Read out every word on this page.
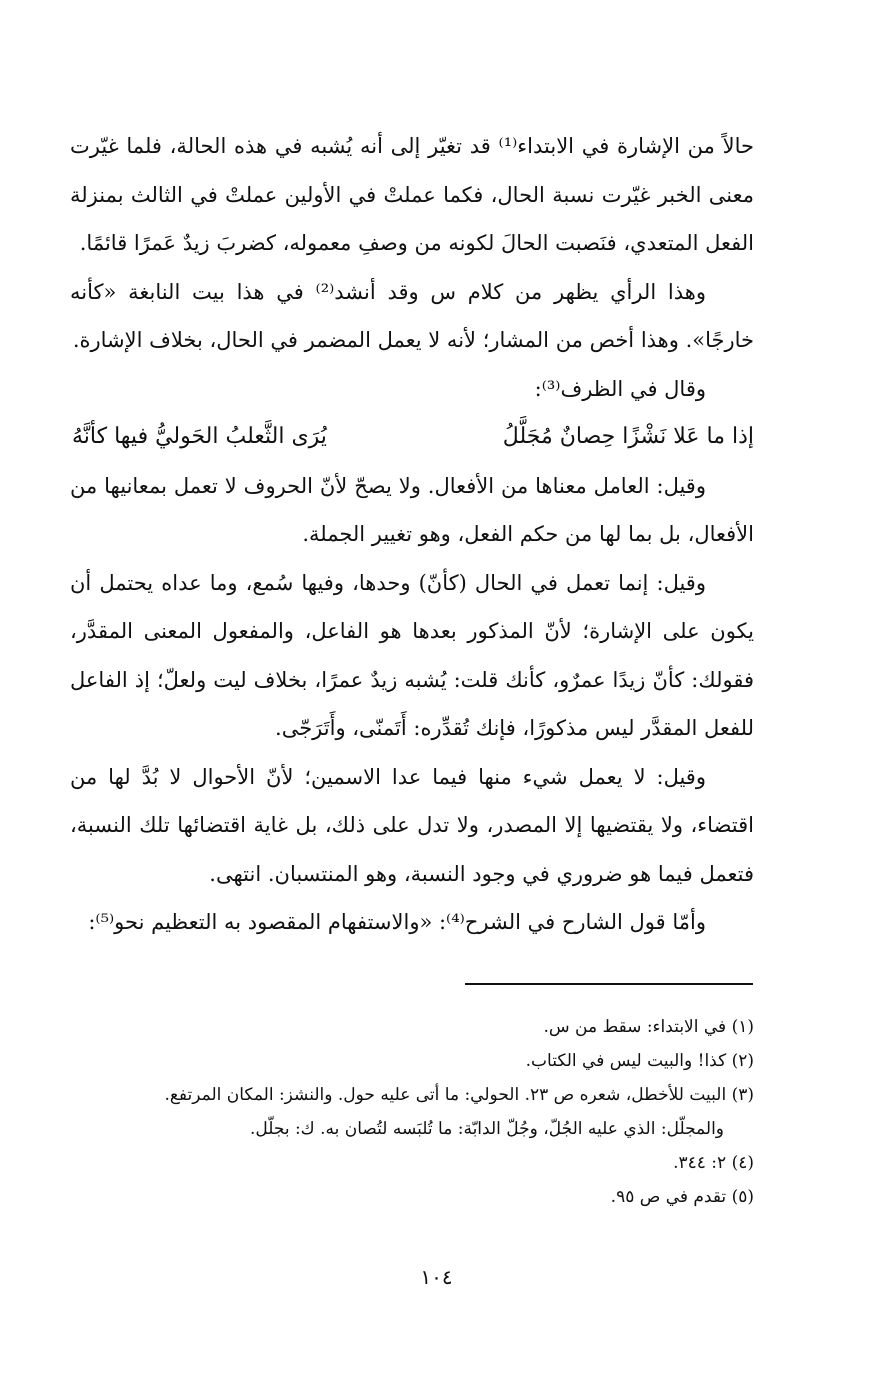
حالاً من الإشارة في الابتداء⁽¹⁾ قد تغيّر إلى أنه يُشبه في هذه الحالة، فلما غيّرت معنى الخبر غيّرت نسبة الحال، فكما عملتْ في الأولين عملتْ في الثالث بمنزلة الفعل المتعدي، فنَصبت الحالَ لكونه من وصفِ معموله، كضربَ زيدٌ عَمرًا قائمًا.

وهذا الرأي يظهر من كلام س وقد أنشد⁽²⁾ في هذا بيت النابغة «كأنه خارجًا». وهذا أخص من المشار؛ لأنه لا يعمل المضمر في الحال، بخلاف الإشارة.

وقال في الظرف⁽³⁾:

إذا ما عَلا نَشْزًا حِصانٌ مُجَلَّلُ
يُرَى الثَّعلبُ الحَوليُّ فيها كأنَّهُ

وقيل: العامل معناها من الأفعال. ولا يصحّ لأنّ الحروف لا تعمل بمعانيها من الأفعال، بل بما لها من حكم الفعل، وهو تغيير الجملة.

وقيل: إنما تعمل في الحال (كأنّ) وحدها، وفيها سُمع، وما عداه يحتمل أن يكون على الإشارة؛ لأنّ المذكور بعدها هو الفاعل، والمفعول المعنى المقدَّر، فقولك: كأنّ زيدًا عمرٌو، كأنك قلت: يُشبه زيدٌ عمرًا، بخلاف ليت ولعلّ؛ إذ الفاعل للفعل المقدَّر ليس مذكورًا، فإنك تُقدِّره: أَتَمنّى، وأَتَرَجّى.

وقيل: لا يعمل شيء منها فيما عدا الاسمين؛ لأنّ الأحوال لا بُدَّ لها من اقتضاء، ولا يقتضيها إلا المصدر، ولا تدل على ذلك، بل غاية اقتضائها تلك النسبة، فتعمل فيما هو ضروري في وجود النسبة، وهو المنتسبان. انتهى.

وأمّا قول الشارح في الشرح⁽⁴⁾: «والاستفهام المقصود به التعظيم نحو⁽⁵⁾:

(١) في الابتداء: سقط من س.

(٢) كذا! والبيت ليس في الكتاب.

(٣) البيت للأخطل، شعره ص ٢٣. الحولي: ما أتى عليه حول. والنشز: المكان المرتفع.

والمجلّل: الذي عليه الجُلّ، وجُلّ الدابّة: ما تُلبَسه لتُصان به. ك: بجلّل.

(٤) ٢: ٣٤٤.

(٥) تقدم في ص ٩٥.

١٠٤
